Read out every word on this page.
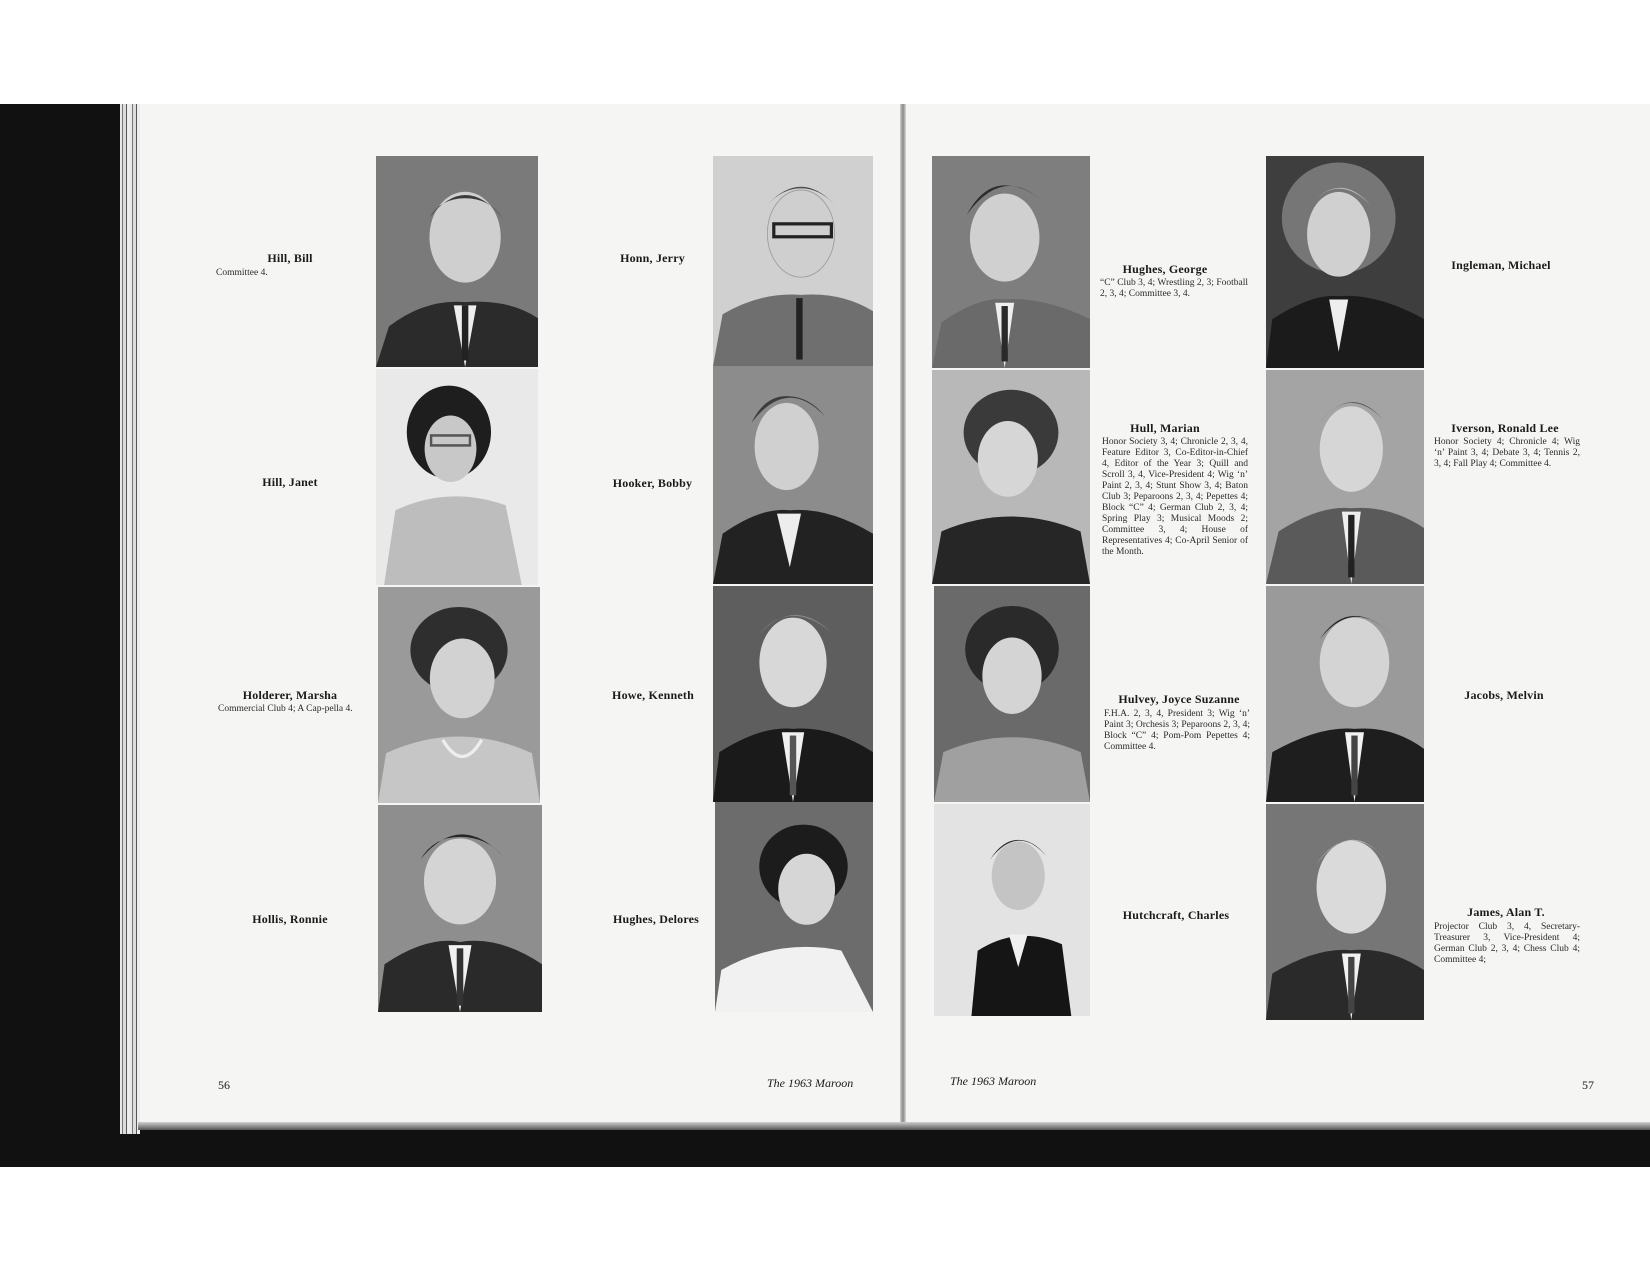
Hill, Bill
Committee 4.
Hill, Janet
Holderer, Marsha
Commercial Club 4; A Cap-pella 4.
Hollis, Ronnie
Honn, Jerry
Hooker, Bobby
Howe, Kenneth
Hughes, Delores
56	The 1963 Maroon
Hughes, George
“C” Club 3, 4; Wrestling 2, 3; Football 2, 3, 4; Committee 3, 4.
Hull, Marian
Honor Society 3, 4; Chronicle 2, 3, 4, Feature Editor 3, Co-Editor-in-Chief 4, Editor of the Year 3; Quill and Scroll 3, 4, Vice-President 4; Wig ‘n’ Paint 2, 3, 4; Stunt Show 3, 4; Baton Club 3; Peparoons 2, 3, 4; Pepettes 4; Block “C” 4; German Club 2, 3, 4; Spring Play 3; Musical Moods 2; Committee 3, 4; House of Representatives 4; Co-April Senior of the Month.
Hulvey, Joyce Suzanne
F.H.A. 2, 3, 4, President 3; Wig ‘n’ Paint 3; Orchesis 3; Peparoons 2, 3, 4; Block “C” 4; Pom-Pom Pepettes 4; Committee 4.
Hutchcraft, Charles
Ingleman, Michael
Iverson, Ronald Lee
Honor Society 4; Chronicle 4; Wig ‘n’ Paint 3, 4; Debate 3, 4; Tennis 2, 3, 4; Fall Play 4; Committee 4.
Jacobs, Melvin
James, Alan T.
Projector Club 3, 4, Secretary-Treasurer 3, Vice-President 4; German Club 2, 3, 4; Chess Club 4; Committee 4;
The 1963 Maroon	57
